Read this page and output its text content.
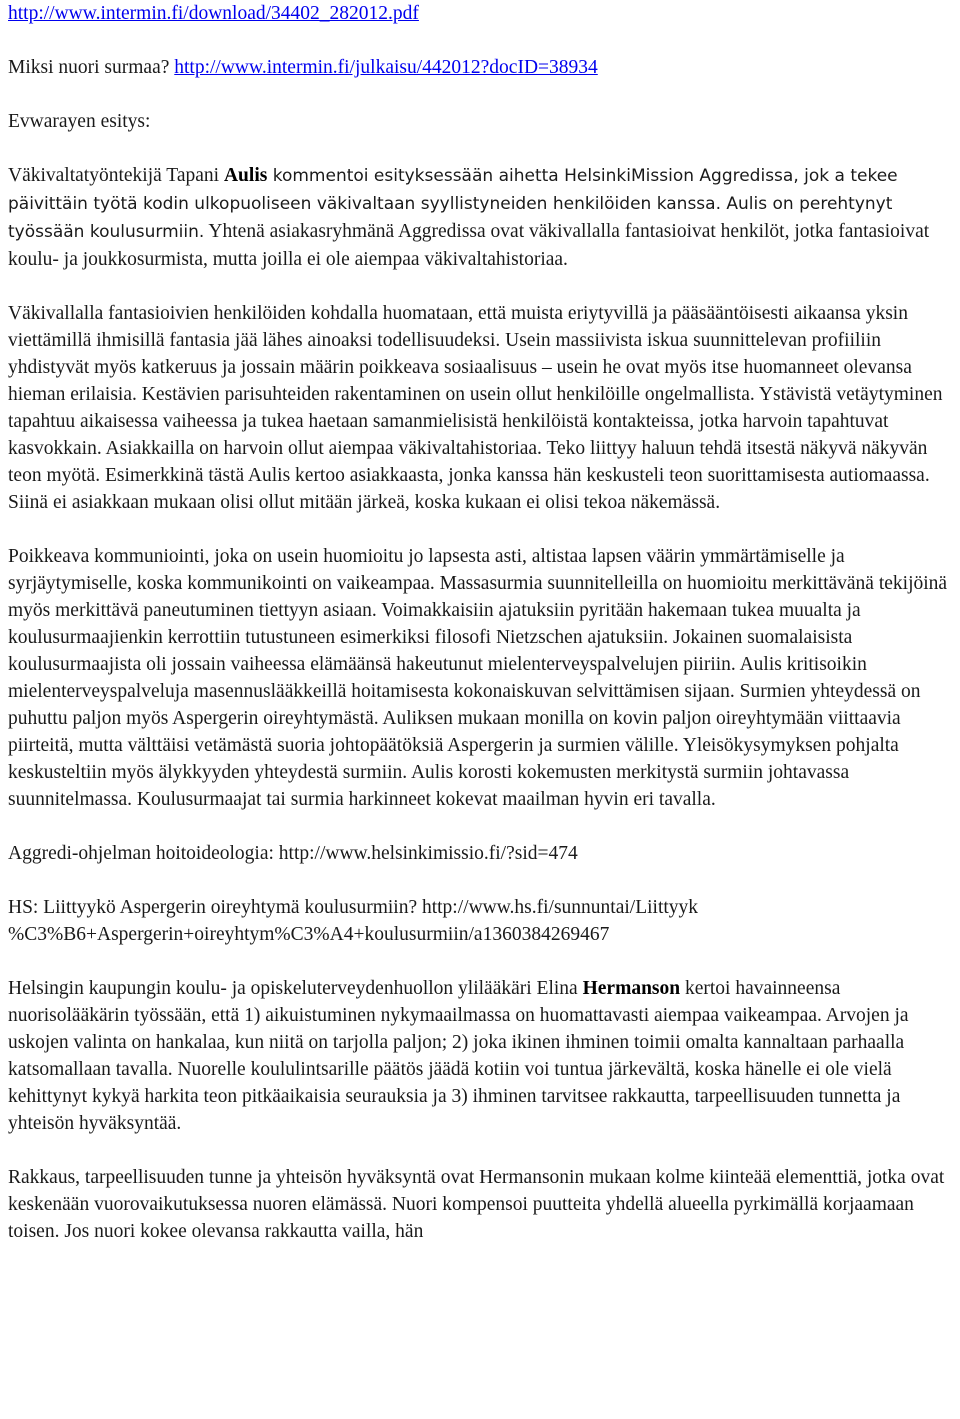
http://www.intermin.fi/download/34402_282012.pdf

Miksi nuori surmaa? http://www.intermin.fi/julkaisu/442012?docID=38934

Evwarayen esitys:

Väkivaltatyöntekijä Tapani Aulis kommentoi esityksessään aihetta HelsinkiMission Aggredissa, jok a tekee päivittäin työtä kodin ulkopuoliseen väkivaltaan syyllistyneiden henkilöiden kanssa. Aulis on perehtynyt työssään koulusurmiin. Yhtenä asiakasryhmänä Aggredissa ovat väkivallalla fantasioivat henkilöt, jotka fantasioivat koulu- ja joukkosurmista, mutta joilla ei ole aiempaa väkivaltahistoriaa.

Väkivallalla fantasioivien henkilöiden kohdalla huomataan, että muista eriytyvillä ja pääsääntöisesti aikaansa yksin viettämillä ihmisillä fantasia jää lähes ainoaksi todellisuudeksi. Usein massiivista iskua suunnittelevan profiiliin yhdistyvät myös katkeruus ja jossain määrin poikkeava sosiaalisuus – usein he ovat myös itse huomanneet olevansa hieman erilaisia. Kestävien parisuhteiden rakentaminen on usein ollut henkilöille ongelmallista. Ystävistä vetäytyminen tapahtuu aikaisessa vaiheessa ja tukea haetaan samanmielisistä henkilöistä kontakteissa, jotka harvoin tapahtuvat kasvokkain. Asiakkailla on harvoin ollut aiempaa väkivaltahistoriaa. Teko liittyy haluun tehdä itsestä näkyvä näkyvän teon myötä. Esimerkkinä tästä Aulis kertoo asiakkaasta, jonka kanssa hän keskusteli teon suorittamisesta autiomaassa. Siinä ei asiakkaan mukaan olisi ollut mitään järkeä, koska kukaan ei olisi tekoa näkemässä.

Poikkeava kommuniointi, joka on usein huomioitu jo lapsesta asti, altistaa lapsen väärin ymmärtämiselle ja syrjäytymiselle, koska kommunikointi on vaikeampaa. Massasurmia suunnitelleilla on huomioitu merkittävänä tekijöinä myös merkittävä paneutuminen tiettyyn asiaan. Voimakkaisiin ajatuksiin pyritään hakemaan tukea muualta ja koulusurmaajienkin kerrottiin tutustuneen esimerkiksi filosofi Nietzschen ajatuksiin. Jokainen suomalaisista koulusurmaajista oli jossain vaiheessa elämäänsä hakeutunut mielenterveyspalvelujen piiriin. Aulis kritisoikin mielenterveyspalveluja masennuslääkkeillä hoitamisesta kokonaiskuvan selvittämisen sijaan. Surmien yhteydessä on puhuttu paljon myös Aspergerin oireyhtymästä. Auliksen mukaan monilla on kovin paljon oireyhtymään viittaavia piirteitä, mutta välttäisi vetämästä suoria johtopäätöksiä Aspergerin ja surmien välille. Yleisökysymyksen pohjalta keskusteltiin myös älykkyyden yhteydestä surmiin. Aulis korosti kokemusten merkitystä surmiin johtavassa suunnitelmassa. Koulusurmaajat tai surmia harkinneet kokevat maailman hyvin eri tavalla.

Aggredi-ohjelman hoitoideologia: http://www.helsinkimissio.fi/?sid=474

HS: Liittyykö Aspergerin oireyhtymä koulusurmiin? http://www.hs.fi/sunnuntai/Liittyyk
%C3%B6+Aspergerin+oireyhtym%C3%A4+koulusurmiin/a1360384269467

Helsingin kaupungin koulu- ja opiskeluterveydenhuollon ylilääkäri Elina Hermanson kertoi havainneensa nuorisolääkärin työssään, että 1) aikuistuminen nykymaailmassa on huomattavasti aiempaa vaikeampaa. Arvojen ja uskojen valinta on hankalaa, kun niitä on tarjolla paljon; 2) joka ikinen ihminen toimii omalta kannaltaan parhaalla katsomallaan tavalla. Nuorelle koululintsarille päätös jäädä kotiin voi tuntua järkevältä, koska hänelle ei ole vielä kehittynyt kykyä harkita teon pitkäaikaisia seurauksia ja 3) ihminen tarvitsee rakkautta, tarpeellisuuden tunnetta ja yhteisön hyväksyntää.

Rakkaus, tarpeellisuuden tunne ja yhteisön hyväksyntä ovat Hermansonin mukaan kolme kiinteää elementtiä, jotka ovat keskenään vuorovaikutuksessa nuoren elämässä. Nuori kompensoi puutteita yhdellä alueella pyrkimällä korjaamaan toisen. Jos nuori kokee olevansa rakkautta vailla, hän
